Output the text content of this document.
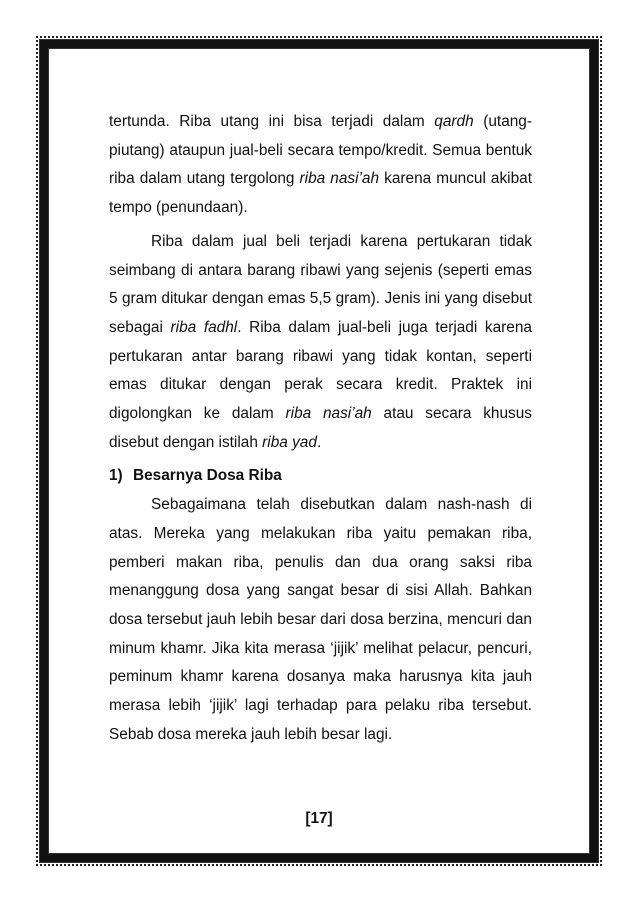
tertunda. Riba utang ini bisa terjadi dalam qardh (utang-piutang) ataupun jual-beli secara tempo/kredit. Semua bentuk riba dalam utang tergolong riba nasi’ah karena muncul akibat tempo (penundaan).

Riba dalam jual beli terjadi karena pertukaran tidak seimbang di antara barang ribawi yang sejenis (seperti emas 5 gram ditukar dengan emas 5,5 gram). Jenis ini yang disebut sebagai riba fadhl. Riba dalam jual-beli juga terjadi karena pertukaran antar barang ribawi yang tidak kontan, seperti emas ditukar dengan perak secara kredit. Praktek ini digolongkan ke dalam riba nasi’ah atau secara khusus disebut dengan istilah riba yad.

1) Besarnya Dosa Riba

Sebagaimana telah disebutkan dalam nash-nash di atas. Mereka yang melakukan riba yaitu pemakan riba, pemberi makan riba, penulis dan dua orang saksi riba menanggung dosa yang sangat besar di sisi Allah. Bahkan dosa tersebut jauh lebih besar dari dosa berzina, mencuri dan minum khamr. Jika kita merasa ‘jijik’ melihat pelacur, pencuri, peminum khamr karena dosanya maka harusnya kita jauh merasa lebih ‘jijik’ lagi terhadap para pelaku riba tersebut. Sebab dosa mereka jauh lebih besar lagi.

[17]
